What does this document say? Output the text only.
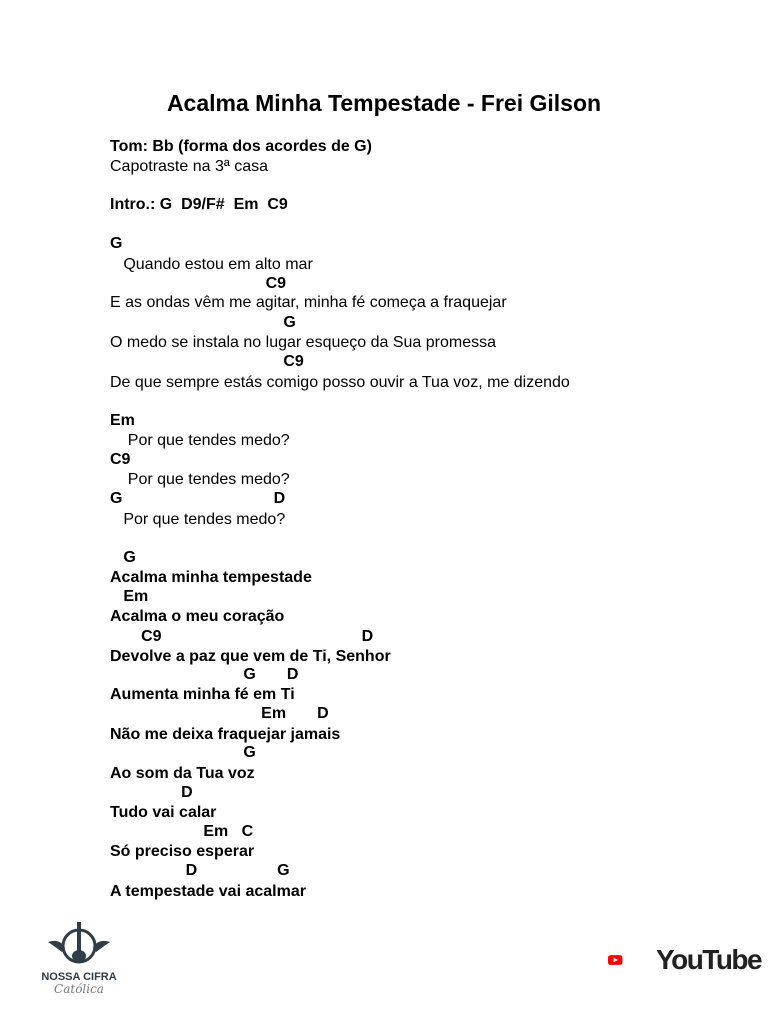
Acalma Minha Tempestade - Frei Gilson
Tom: Bb (forma dos acordes de G)
Capotraste na 3ª casa
Intro.: G  D9/F#  Em  C9
G
Quando estou em alto mar
C9
E as ondas vêm me agitar, minha fé começa a fraquejar
G
O medo se instala no lugar esqueço da Sua promessa
C9
De que sempre estás comigo posso ouvir a Tua voz, me dizendo
Em
Por que tendes medo?
C9
Por que tendes medo?
G                                  D
Por que tendes medo?
G
Acalma minha tempestade
Em
Acalma o meu coração
C9                                             D
Devolve a paz que vem de Ti, Senhor
G       D
Aumenta minha fé em Ti
Em       D
Não me deixa fraquejar jamais
G
Ao som da Tua voz
D
Tudo vai calar
Em   C
Só preciso esperar
D                  G
A tempestade vai acalmar
NOSSA CIFRA
Católica
YouTube
